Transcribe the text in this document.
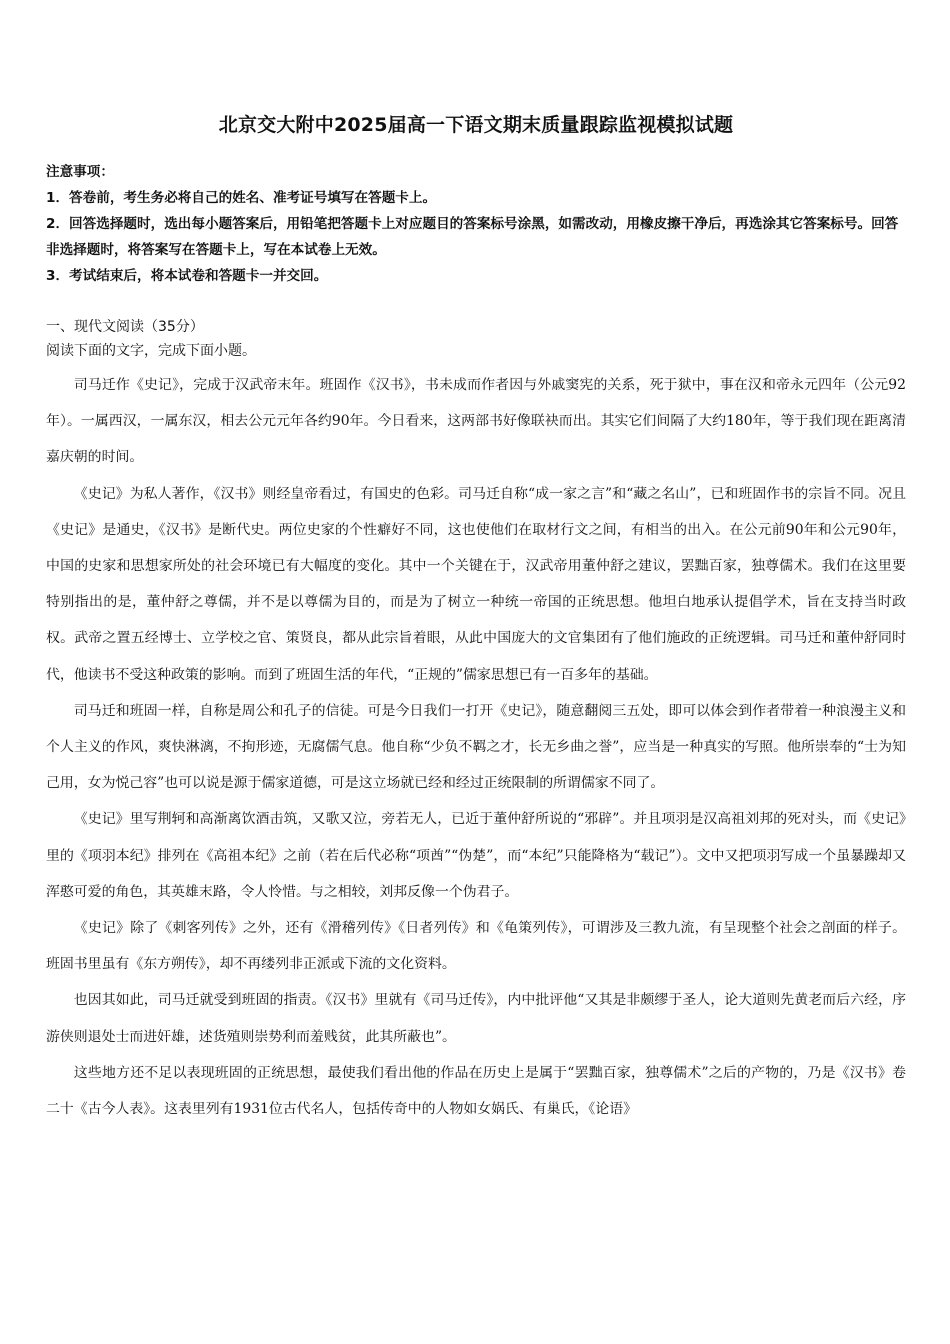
北京交大附中2025届高一下语文期末质量跟踪监视模拟试题
注意事项：
1．答卷前，考生务必将自己的姓名、准考证号填写在答题卡上。
2．回答选择题时，选出每小题答案后，用铅笔把答题卡上对应题目的答案标号涂黑，如需改动，用橡皮擦干净后，再选涂其它答案标号。回答非选择题时，将答案写在答题卡上，写在本试卷上无效。
3．考试结束后，将本试卷和答题卡一并交回。
一、现代文阅读（35分）
阅读下面的文字，完成下面小题。

司马迁作《史记》，完成于汉武帝末年。班固作《汉书》，书未成而作者因与外戚窦宪的关系，死于狱中，事在汉和帝永元四年（公元92年）。一属西汉，一属东汉，相去公元元年各约90年。今日看来，这两部书好像联袂而出。其实它们间隔了大约180年，等于我们现在距离清嘉庆朝的时间。

《史记》为私人著作，《汉书》则经皇帝看过，有国史的色彩。司马迁自称“成一家之言”和“藏之名山”，已和班固作书的宗旨不同。况且《史记》是通史，《汉书》是断代史。两位史家的个性癖好不同，这也使他们在取材行文之间，有相当的出入。在公元前90年和公元90年，中国的史家和思想家所处的社会环境已有大幅度的变化。其中一个关键在于，汉武帝用董仲舒之建议，罢黜百家，独尊儒术。我们在这里要特别指出的是，董仲舒之尊儒，并不是以尊儒为目的，而是为了树立一种统一帝国的正统思想。他坦白地承认提倡学术，旨在支持当时政权。武帝之置五经博士、立学校之官、策贤良，都从此宗旨着眼，从此中国庞大的文官集团有了他们施政的正统逻辑。司马迁和董仲舒同时代，他读书不受这种政策的影响。而到了班固生活的年代，“正规的”儒家思想已有一百多年的基础。

司马迁和班固一样，自称是周公和孔子的信徒。可是今日我们一打开《史记》，随意翻阅三五处，即可以体会到作者带着一种浪漫主义和个人主义的作风，爽快淋漓，不拘形迹，无腐儒气息。他自称“少负不羁之才，长无乡曲之誉”，应当是一种真实的写照。他所崇奉的“士为知己用，女为悦己容”也可以说是源于儒家道德，可是这立场就已经和经过正统限制的所谓儒家不同了。

《史记》里写荆轲和高渐离饮酒击筑，又歌又泣，旁若无人，已近于董仲舒所说的“邪辟”。并且项羽是汉高祖刘邦的死对头，而《史记》里的《项羽本纪》排列在《高祖本纪》之前（若在后代必称“项酋”“伪楚”，而“本纪”只能降格为“载记”）。文中又把项羽写成一个虽暴躁却又浑憨可爱的角色，其英雄末路，令人怜惜。与之相较，刘邦反像一个伪君子。

《史记》除了《刺客列传》之外，还有《滑稽列传》《日者列传》和《龟策列传》，可谓涉及三教九流，有呈现整个社会之剖面的样子。班固书里虽有《东方朔传》，却不再缕列非正派或下流的文化资料。

也因其如此，司马迁就受到班固的指责。《汉书》里就有《司马迁传》，内中批评他“又其是非颇缪于圣人，论大道则先黄老而后六经，序游侠则退处士而进奸雄，述货殖则崇势利而羞贱贫，此其所蔽也”。

这些地方还不足以表现班固的正统思想，最使我们看出他的作品在历史上是属于“罢黜百家，独尊儒术”之后的产物的，乃是《汉书》卷二十《古今人表》。这表里列有1931位古代名人，包括传奇中的人物如女娲氏、有巢氏，《论语》
